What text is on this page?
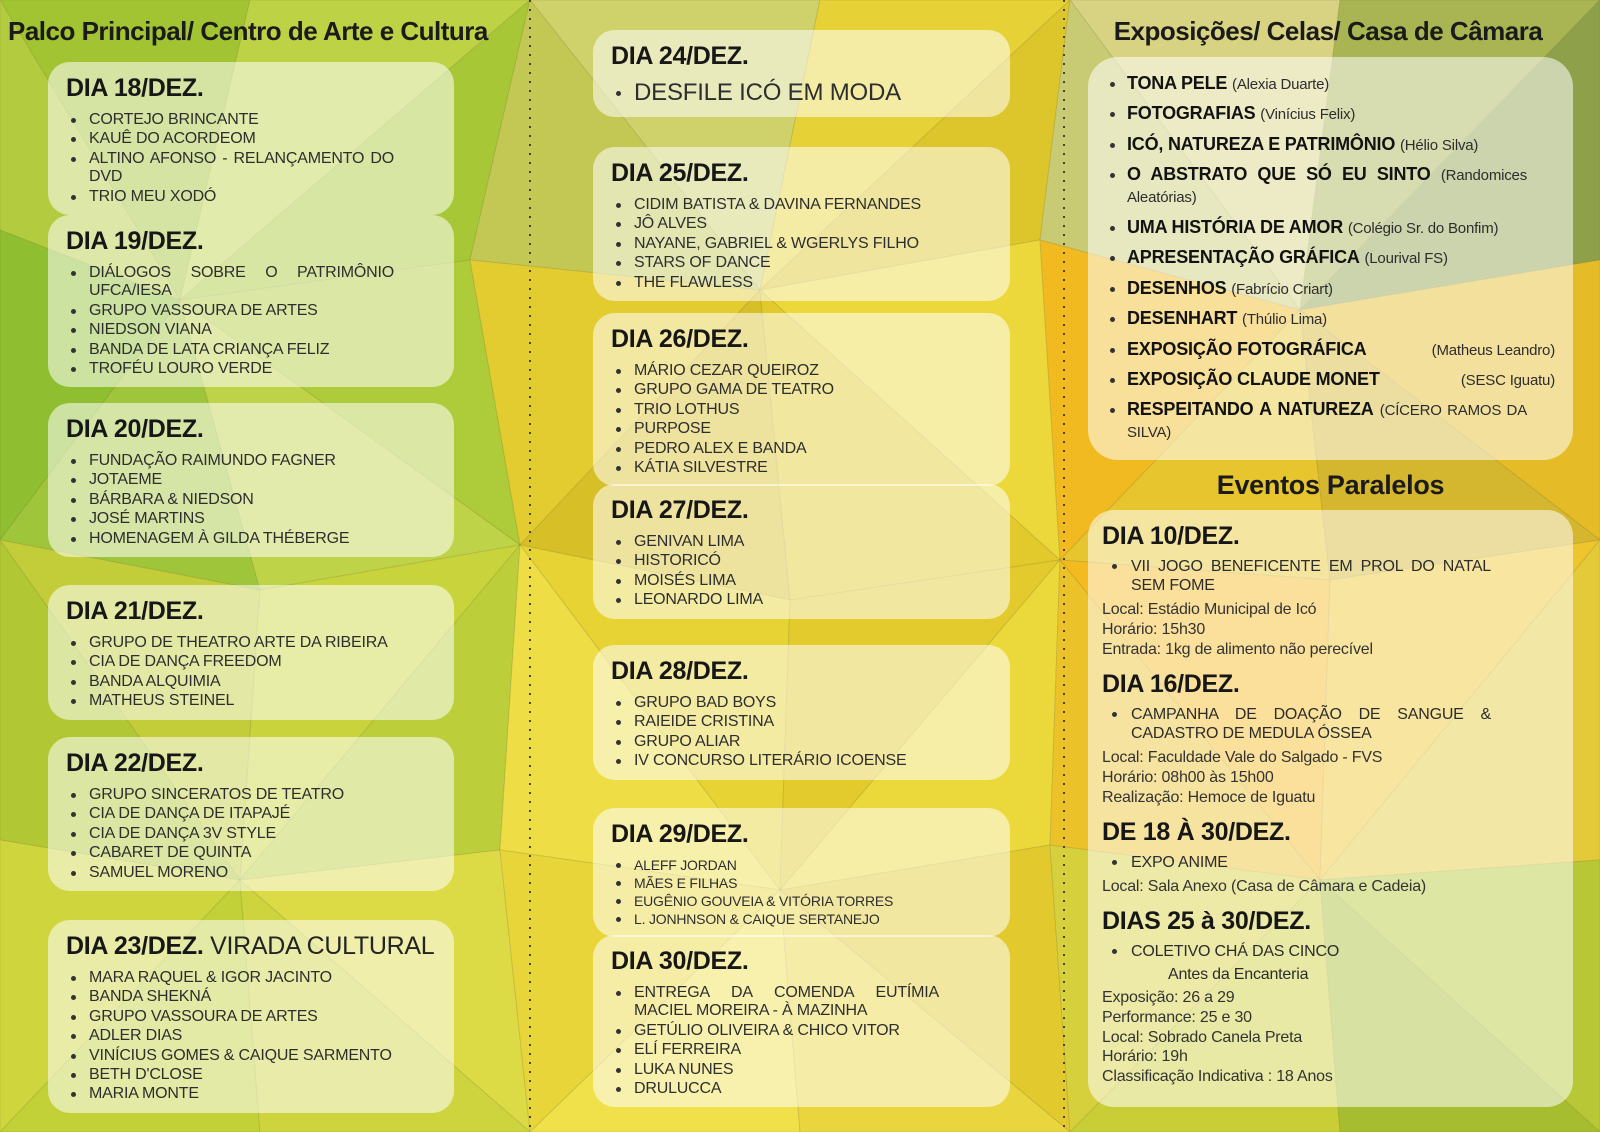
Palco Principal/ Centro de Arte e Cultura	Exposições/ Celas/ Casa de Câmara
Eventos Paralelos
DIA 18/DEZ.
CORTEJO BRINCANTE
KAUÊ DO ACORDEOM
ALTINO AFONSO - RELANÇAMENTO DO DVD
TRIO MEU XODÓ
DIA 19/DEZ.
DIÁLOGOS SOBRE O PATRIMÔNIO UFCA/IESA
GRUPO VASSOURA DE ARTES
NIEDSON VIANA
BANDA DE LATA CRIANÇA FELIZ
TROFÉU LOURO VERDE
DIA 20/DEZ.
FUNDAÇÃO RAIMUNDO FAGNER
JOTAEME
BÁRBARA & NIEDSON
JOSÉ MARTINS
HOMENAGEM À GILDA THÉBERGE
DIA 21/DEZ.
GRUPO DE THEATRO ARTE DA RIBEIRA
CIA DE DANÇA FREEDOM
BANDA ALQUIMIA
MATHEUS STEINEL
DIA 22/DEZ.
GRUPO SINCERATOS DE TEATRO
CIA DE DANÇA DE ITAPAJÉ
CIA DE DANÇA 3V STYLE
CABARET DE QUINTA
SAMUEL MORENO
DIA 23/DEZ. VIRADA CULTURAL
MARA RAQUEL & IGOR JACINTO
BANDA SHEKNÁ
GRUPO VASSOURA DE ARTES
ADLER DIAS
VINÍCIUS GOMES & CAIQUE SARMENTO
BETH D'CLOSE
MARIA MONTE
DIA 24/DEZ.
DESFILE ICÓ EM MODA
DIA 25/DEZ.
CIDIM BATISTA & DAVINA FERNANDES
JÔ ALVES
NAYANE, GABRIEL & WGERLYS FILHO
STARS OF DANCE
THE FLAWLESS
DIA 26/DEZ.
MÁRIO CEZAR QUEIROZ
GRUPO GAMA DE TEATRO
TRIO LOTHUS
PURPOSE
PEDRO ALEX E BANDA
KÁTIA SILVESTRE
DIA 27/DEZ.
GENIVAN LIMA
HISTORICÓ
MOISÉS LIMA
LEONARDO LIMA
DIA 28/DEZ.
GRUPO BAD BOYS
RAIEIDE CRISTINA
GRUPO ALIAR
IV CONCURSO LITERÁRIO ICOENSE
DIA 29/DEZ.
ALEFF JORDAN
MÃES E FILHAS
EUGÊNIO GOUVEIA & VITÓRIA TORRES
L. JONHNSON & CAIQUE SERTANEJO
DIA 30/DEZ.
ENTREGA DA COMENDA EUTÍMIA MACIEL MOREIRA - À MAZINHA
GETÚLIO OLIVEIRA & CHICO VITOR
ELÍ FERREIRA
LUKA NUNES
DRULUCCA
TONA PELE (Alexia Duarte)
FOTOGRAFIAS (Vinícius Felix)
ICÓ, NATUREZA E PATRIMÔNIO (Hélio Silva)
O ABSTRATO QUE SÓ EU SINTO (Randomices Aleatórias)
UMA HISTÓRIA DE AMOR (Colégio Sr. do Bonfim)
APRESENTAÇÃO GRÁFICA (Lourival FS)
DESENHOS (Fabrício Criart)
DESENHART (Thúlio Lima)
EXPOSIÇÃO FOTOGRÁFICA	(Matheus Leandro)
EXPOSIÇÃO CLAUDE MONET	(SESC Iguatu)
RESPEITANDO A NATUREZA (CÍCERO RAMOS DA SILVA)
DIA 10/DEZ.
VII JOGO BENEFICENTE EM PROL DO NATAL SEM FOME
Local: Estádio Municipal de Icó
Horário: 15h30
Entrada: 1kg de alimento não perecível
DIA 16/DEZ.
CAMPANHA DE DOAÇÃO DE SANGUE & CADASTRO DE MEDULA ÓSSEA
Local: Faculdade Vale do Salgado - FVS
Horário: 08h00 às 15h00
Realização: Hemoce de Iguatu
DE 18 À 30/DEZ.
EXPO ANIME
Local: Sala Anexo (Casa de Câmara e Cadeia)
DIAS 25 à 30/DEZ.
COLETIVO CHÁ DAS CINCO
Antes da Encanteria
Exposição: 26 a 29
Performance: 25 e 30
Local: Sobrado Canela Preta
Horário: 19h
Classificação Indicativa : 18 Anos
